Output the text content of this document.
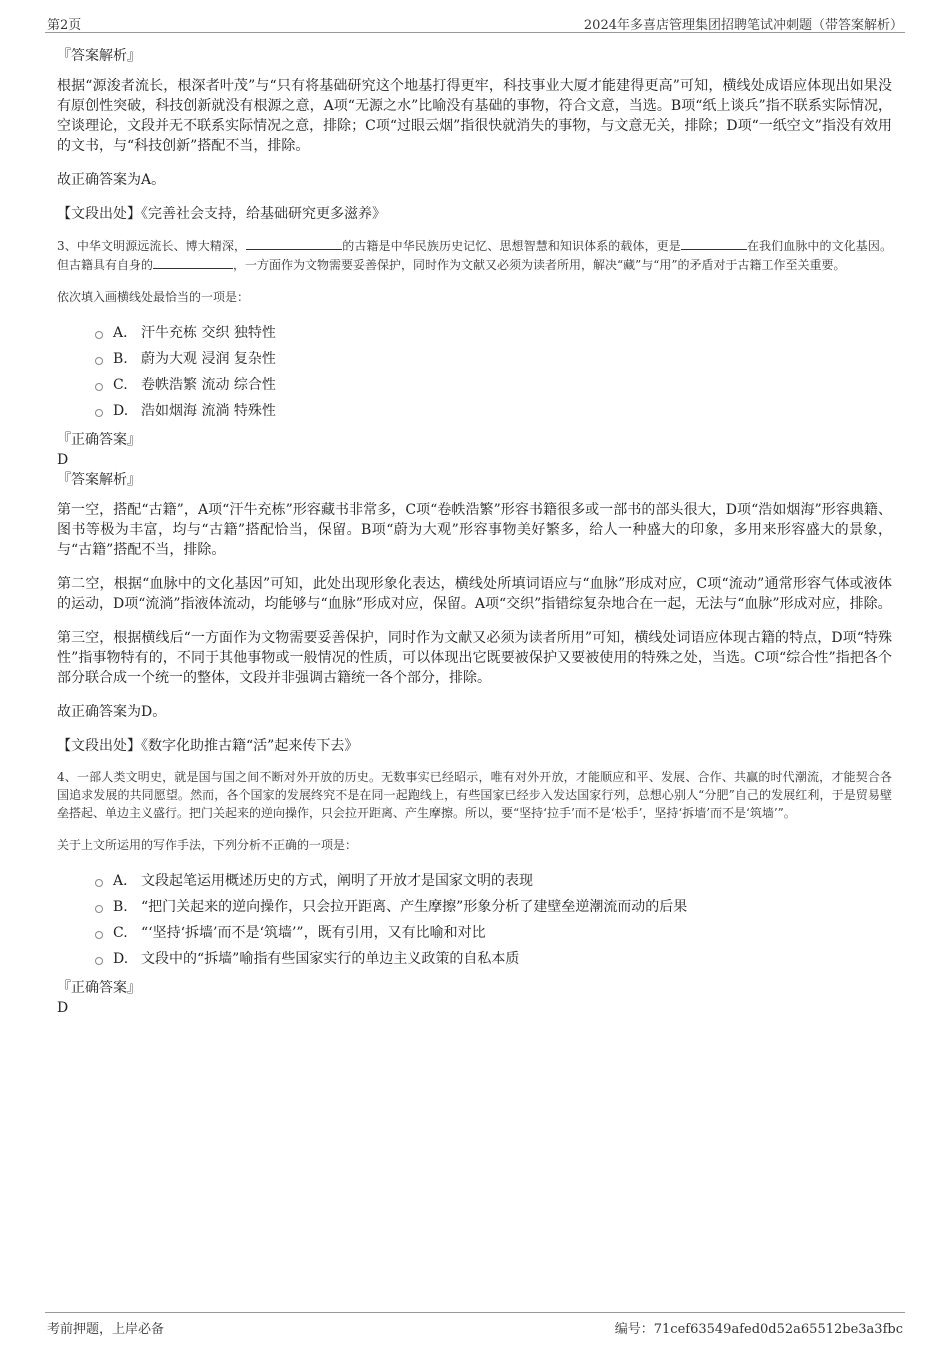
第2页	2024年多喜店管理集团招聘笔试冲刺题（带答案解析）

『答案解析』

根据“源浚者流长，根深者叶茂”与“只有将基础研究这个地基打得更牢，科技事业大厦才能建得更高”可知，横线处成语应体现出如果没有原创性突破，科技创新就没有根源之意，A项“无源之水”比喻没有基础的事物，符合文意，当选。B项“纸上谈兵”指不联系实际情况，空谈理论，文段并无不联系实际情况之意，排除；C项“过眼云烟”指很快就消失的事物，与文意无关，排除；D项“一纸空文”指没有效用的文书，与“科技创新”搭配不当，排除。

故正确答案为A。

【文段出处】《完善社会支持，给基础研究更多滋养》

3、中华文明源远流长、博大精深，	的古籍是中华民族历史记忆、思想智慧和知识体系的载体，更是	在我们血脉中的文化基因。但古籍具有自身的	，一方面作为文物需要妥善保护，同时作为文献又必须为读者所用，解决“藏”与“用”的矛盾对于古籍工作至关重要。

依次填入画横线处最恰当的一项是：

A． 汗牛充栋 交织 独特性
B. 蔚为大观 浸润 复杂性
C. 卷帙浩繁 流动 综合性
D. 浩如烟海 流淌 特殊性

『正确答案』

D

『答案解析』

第一空，搭配“古籍”，A项“汗牛充栋”形容藏书非常多，C项“卷帙浩繁”形容书籍很多或一部书的部头很大，D项“浩如烟海”形容典籍、图书等极为丰富，均与“古籍”搭配恰当，保留。B项“蔚为大观”形容事物美好繁多，给人一种盛大的印象，多用来形容盛大的景象，与“古籍”搭配不当，排除。

第二空，根据“血脉中的文化基因”可知，此处出现形象化表达，横线处所填词语应与“血脉”形成对应，C项“流动”通常形容气体或液体的运动，D项“流淌”指液体流动，均能够与“血脉”形成对应，保留。A项“交织”指错综复杂地合在一起，无法与“血脉”形成对应，排除。

第三空，根据横线后“一方面作为文物需要妥善保护，同时作为文献又必须为读者所用”可知，横线处词语应体现古籍的特点，D项“特殊性”指事物特有的，不同于其他事物或一般情况的性质，可以体现出它既要被保护又要被使用的特殊之处，当选。C项“综合性”指把各个部分联合成一个统一的整体，文段并非强调古籍统一各个部分，排除。

故正确答案为D。

【文段出处】《数字化助推古籍“活”起来传下去》

4、一部人类文明史，就是国与国之间不断对外开放的历史。无数事实已经昭示，唯有对外开放，才能顺应和平、发展、合作、共赢的时代潮流，才能契合各国追求发展的共同愿望。然而，各个国家的发展终究不是在同一起跑线上，有些国家已经步入发达国家行列，总想心别人“分肥”自己的发展红利，于是贸易壁垒搭起、单边主义盛行。把门关起来的逆向操作，只会拉开距离、产生摩擦。所以，要“坚持‘拉手’而不是‘松手’，坚持‘拆墙’而不是‘筑墙’”。

关于上文所运用的写作手法，下列分析不正确的一项是：

A． 文段起笔运用概述历史的方式，阐明了开放才是国家文明的表现
B. “把门关起来的逆向操作，只会拉开距离、产生摩擦”形象分析了建壁垒逆潮流而动的后果
C. “‘坚持‘拆墙’而不是‘筑墙’”，既有引用，又有比喻和对比
D. 文段中的“拆墙”喻指有些国家实行的单边主义政策的自私本质

『正确答案』

D

考前押题，上岸必备	编号：71cef63549afed0d52a65512be3a3fbc
